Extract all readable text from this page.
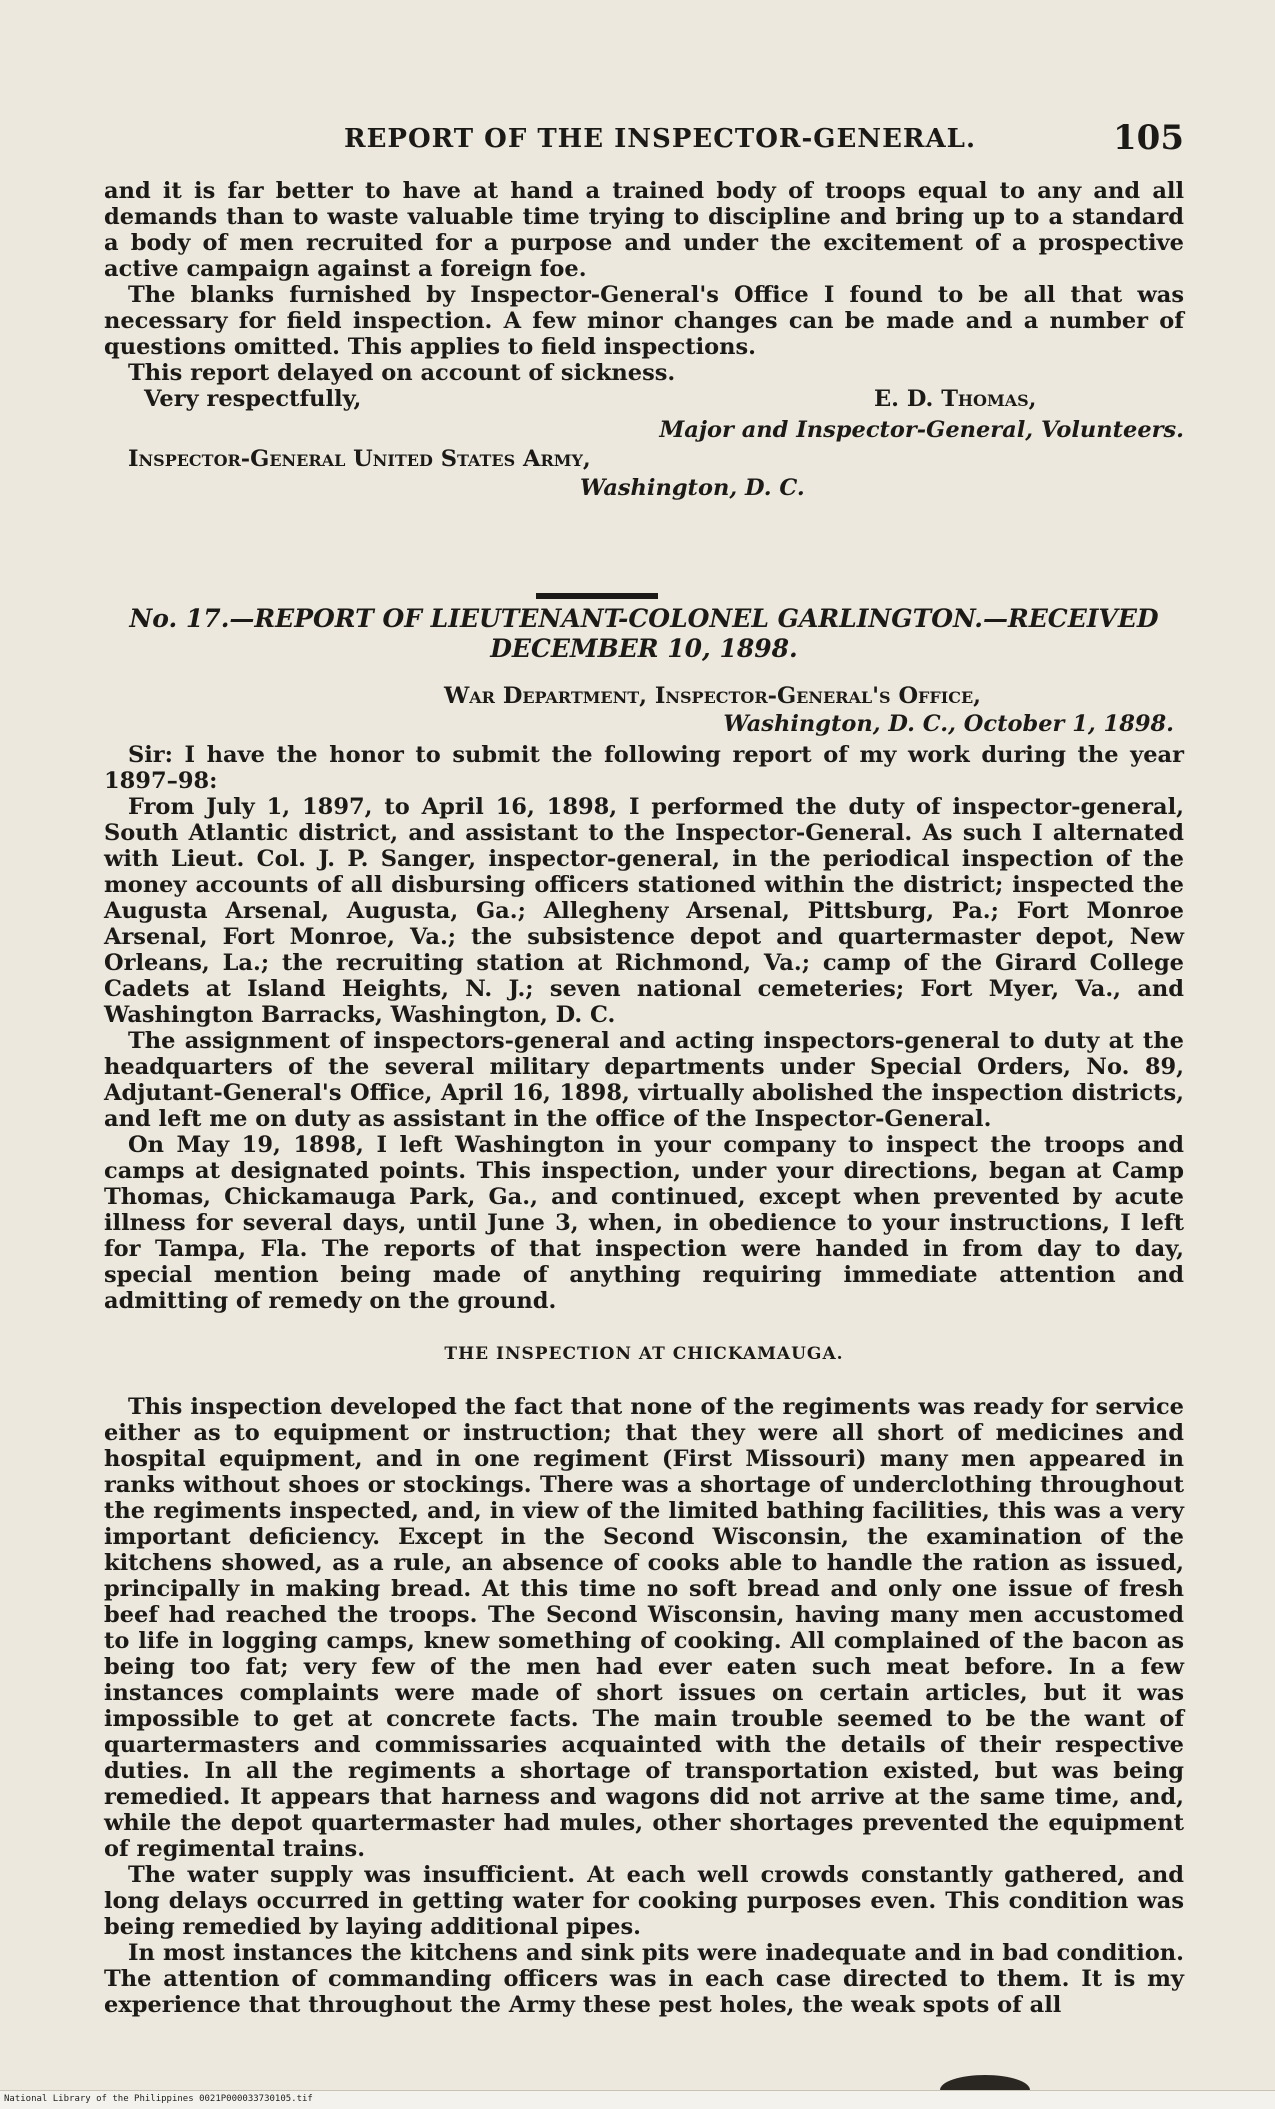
REPORT OF THE INSPECTOR-GENERAL.	105

and it is far better to have at hand a trained body of troops equal to any and all demands than to waste valuable time trying to discipline and bring up to a standard a body of men recruited for a purpose and under the excitement of a prospective active campaign against a foreign foe.

The blanks furnished by Inspector-General's Office I found to be all that was necessary for field inspection. A few minor changes can be made and a number of questions omitted. This applies to field inspections.

This report delayed on account of sickness.

Very respectfully,	E. D. Thomas,
Major and Inspector-General, Volunteers.
Inspector-General United States Army,
Washington, D. C.
No. 17.—REPORT OF LIEUTENANT-COLONEL GARLINGTON.—RECEIVED
DECEMBER 10, 1898.
War Department, Inspector-General's Office,
Washington, D. C., October 1, 1898.

Sir: I have the honor to submit the following report of my work during the year 1897–98:

From July 1, 1897, to April 16, 1898, I performed the duty of inspector-general, South Atlantic district, and assistant to the Inspector-General. As such I alternated with Lieut. Col. J. P. Sanger, inspector-general, in the periodical inspection of the money accounts of all disbursing officers stationed within the district; inspected the Augusta Arsenal, Augusta, Ga.; Allegheny Arsenal, Pittsburg, Pa.; Fort Monroe Arsenal, Fort Monroe, Va.; the subsistence depot and quartermaster depot, New Orleans, La.; the recruiting station at Richmond, Va.; camp of the Girard College Cadets at Island Heights, N. J.; seven national cemeteries; Fort Myer, Va., and Washington Barracks, Washington, D. C.

The assignment of inspectors-general and acting inspectors-general to duty at the headquarters of the several military departments under Special Orders, No. 89, Adjutant-General's Office, April 16, 1898, virtually abolished the inspection districts, and left me on duty as assistant in the office of the Inspector-General.

On May 19, 1898, I left Washington in your company to inspect the troops and camps at designated points. This inspection, under your directions, began at Camp Thomas, Chickamauga Park, Ga., and continued, except when prevented by acute illness for several days, until June 3, when, in obedience to your instructions, I left for Tampa, Fla. The reports of that inspection were handed in from day to day, special mention being made of anything requiring immediate attention and admitting of remedy on the ground.

THE INSPECTION AT CHICKAMAUGA.

This inspection developed the fact that none of the regiments was ready for service either as to equipment or instruction; that they were all short of medicines and hospital equipment, and in one regiment (First Missouri) many men appeared in ranks without shoes or stockings. There was a shortage of underclothing throughout the regiments inspected, and, in view of the limited bathing facilities, this was a very important deficiency. Except in the Second Wisconsin, the examination of the kitchens showed, as a rule, an absence of cooks able to handle the ration as issued, principally in making bread. At this time no soft bread and only one issue of fresh beef had reached the troops. The Second Wisconsin, having many men accustomed to life in logging camps, knew something of cooking. All complained of the bacon as being too fat; very few of the men had ever eaten such meat before. In a few instances complaints were made of short issues on certain articles, but it was impossible to get at concrete facts. The main trouble seemed to be the want of quartermasters and commissaries acquainted with the details of their respective duties. In all the regiments a shortage of transportation existed, but was being remedied. It appears that harness and wagons did not arrive at the same time, and, while the depot quartermaster had mules, other shortages prevented the equipment of regimental trains.

The water supply was insufficient. At each well crowds constantly gathered, and long delays occurred in getting water for cooking purposes even. This condition was being remedied by laying additional pipes.

In most instances the kitchens and sink pits were inadequate and in bad condition. The attention of commanding officers was in each case directed to them. It is my experience that throughout the Army these pest holes, the weak spots of all

National Library of the Philippines 0021P000033730105.tif
